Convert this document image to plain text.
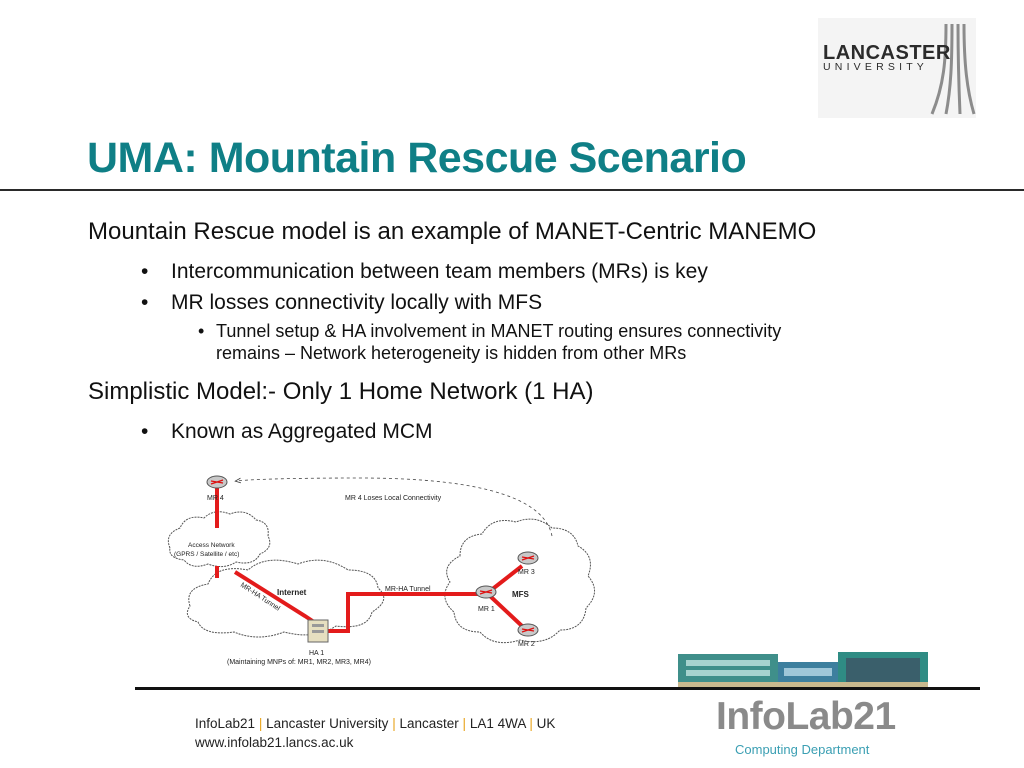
LANCASTER
UNIVERSITY
UMA: Mountain Rescue Scenario
Mountain Rescue model is an example of MANET-Centric MANEMO
• Intercommunication between team members (MRs) is key
• MR losses connectivity locally with MFS
• Tunnel setup & HA involvement in MANET routing ensures connectivity
remains – Network heterogeneity is hidden from other MRs
Simplistic Model:- Only 1 Home Network (1 HA)
• Known as Aggregated MCM
MR 4	MR 4 Loses Local Connectivity
Access Network
(GPRS / Satellite / etc)
Internet
MR-HA Tunnel	MR-HA Tunnel
MR 3
MFS
MR 1
MR 2
HA 1
(Maintaining MNPs of: MR1, MR2, MR3, MR4)
InfoLab21 | Lancaster University | Lancaster | LA1 4WA | UK
www.infolab21.lancs.ac.uk
InfoLab21
Computing Department
